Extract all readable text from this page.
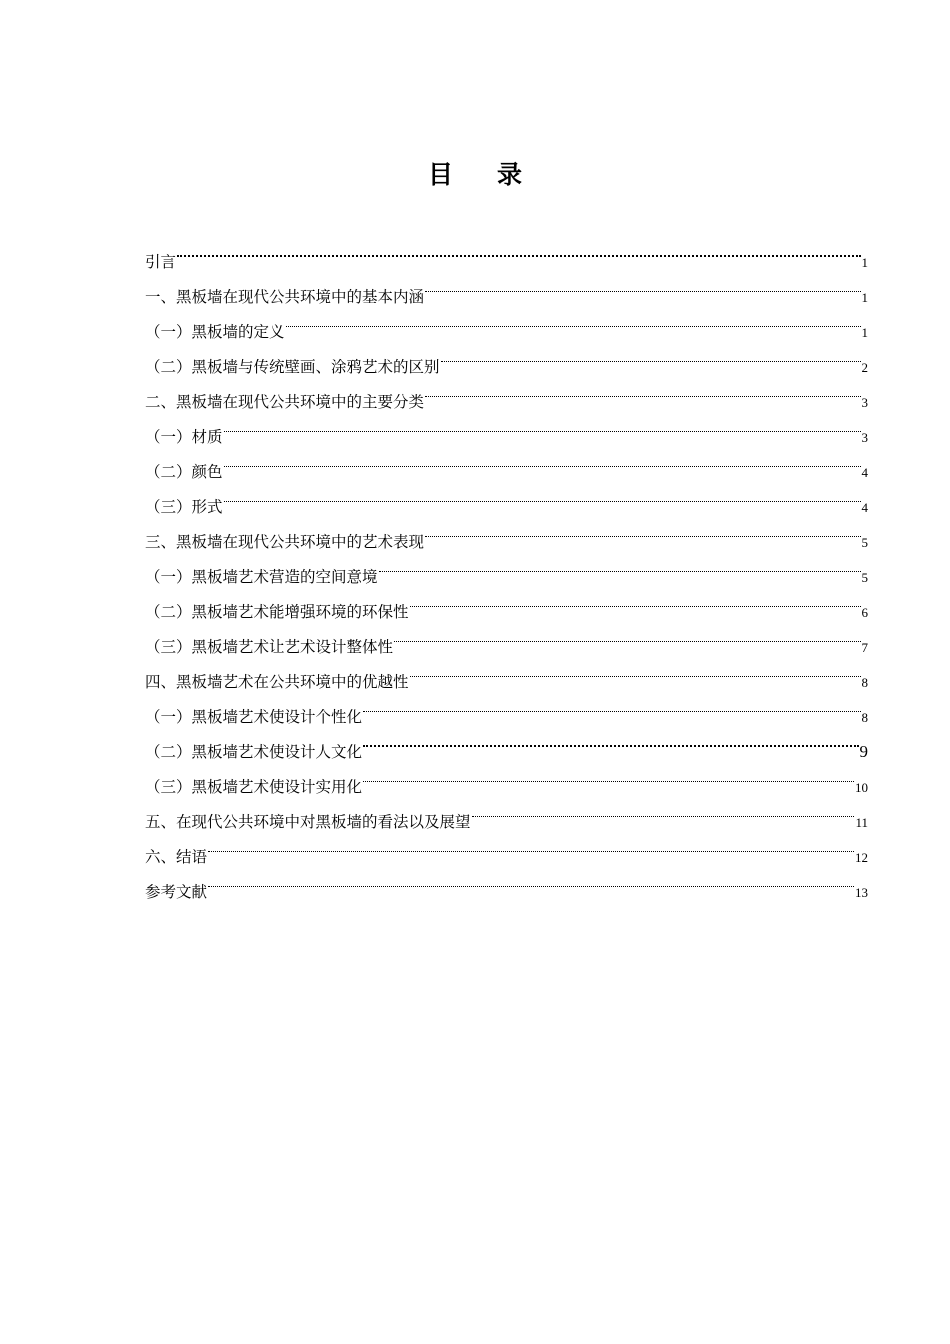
目 录
引言	1
一、黑板墙在现代公共环境中的基本内涵	1
（一）黑板墙的定义	1
（二）黑板墙与传统壁画、涂鸦艺术的区别	2
二、黑板墙在现代公共环境中的主要分类	3
（一）材质	3
（二）颜色	4
（三）形式	4
三、黑板墙在现代公共环境中的艺术表现	5
（一）黑板墙艺术营造的空间意境	5
（二）黑板墙艺术能增强环境的环保性	6
（三）黑板墙艺术让艺术设计整体性	7
四、黑板墙艺术在公共环境中的优越性	8
（一）黑板墙艺术使设计个性化	8
（二）黑板墙艺术使设计人文化	9
（三）黑板墙艺术使设计实用化	10
五、在现代公共环境中对黑板墙的看法以及展望	11
六、结语	12
参考文献	13
